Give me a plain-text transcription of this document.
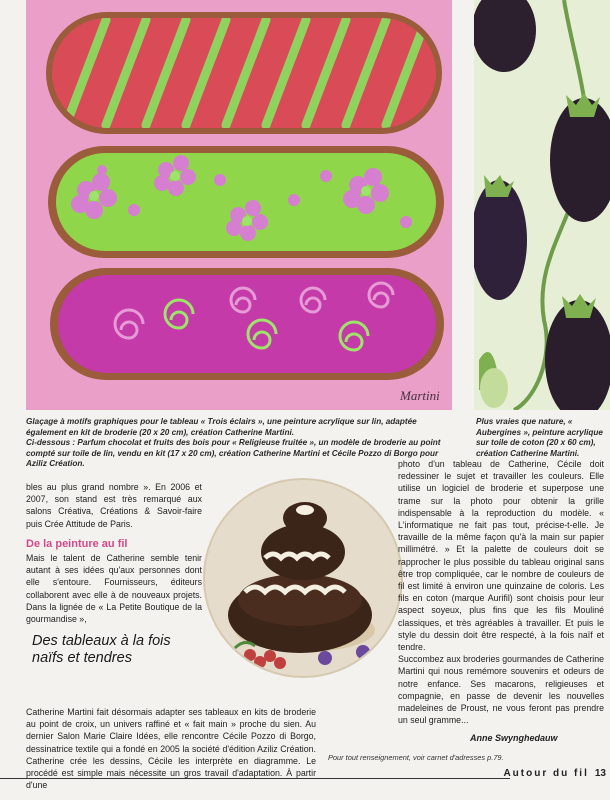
Martini
Glaçage à motifs graphiques pour le tableau « Trois éclairs », une peinture acrylique sur lin, adaptée également en kit de broderie (20 x 20 cm), création Catherine Martini.
Ci-dessous : Parfum chocolat et fruits des bois pour « Religieuse fruitée », un modèle de broderie au point compté sur toile de lin, vendu en kit (17 x 20 cm), création Catherine Martini et Cécile Pozzo di Borgo pour Aziliz Création.
Plus vraies que nature, « Aubergines », peinture acrylique sur toile de coton (20 x 60 cm), création Catherine Martini.

bles au plus grand nombre ». En 2006 et 2007, son stand est très remarqué aux salons Créativa, Créations & Savoir-faire puis Crée Attitude de Paris.

De la peinture au fil

Mais le talent de Catherine semble tenir autant à ses idées qu'aux personnes dont elle s'entoure. Fournisseurs, éditeurs collaborent avec elle à de nouveaux projets. Dans la lignée de « La Petite Boutique de la gourmandise »,

Des tableaux à la fois
naïfs et tendres

Catherine Martini fait désormais adapter ses tableaux en kits de broderie au point de croix, un univers raffiné et « fait main » proche du sien. Au dernier Salon Marie Claire Idées, elle rencontre Cécile Pozzo di Borgo, dessinatrice textile qui a fondé en 2005 la société d'édition Aziliz Création. Catherine crée les dessins, Cécile les interprète en diagramme. Le procédé est simple mais nécessite un gros travail d'adaptation. À partir d'une

photo d'un tableau de Catherine, Cécile doit redessiner le sujet et travailler les couleurs. Elle utilise un logiciel de broderie et superpose une trame sur la photo pour obtenir la grille indispensable à la reproduction du modèle. « L'informatique ne fait pas tout, précise-t-elle. Je travaille de la même façon qu'à la main sur papier millimétré. » Et la palette de couleurs doit se rapprocher le plus possible du tableau original sans être trop compliquée, car le nombre de couleurs de fil est limité à environ une quinzaine de coloris. Les fils en coton (marque Aurifil) sont choisis pour leur aspect soyeux, plus fins que les fils Mouliné classiques, et très agréables à travailler. Et puis le style du dessin doit être respecté, à la fois naïf et tendre.

Succombez aux broderies gourmandes de Catherine Martini qui nous remémore souvenirs et odeurs de notre enfance. Ses macarons, religieuses et compagnie, en passe de devenir les nouvelles madeleines de Proust, ne vous feront pas prendre un seul gramme...

Anne Swynghedauw
Pour tout renseignement, voir carnet d'adresses p.79.
Autour du fil 13
